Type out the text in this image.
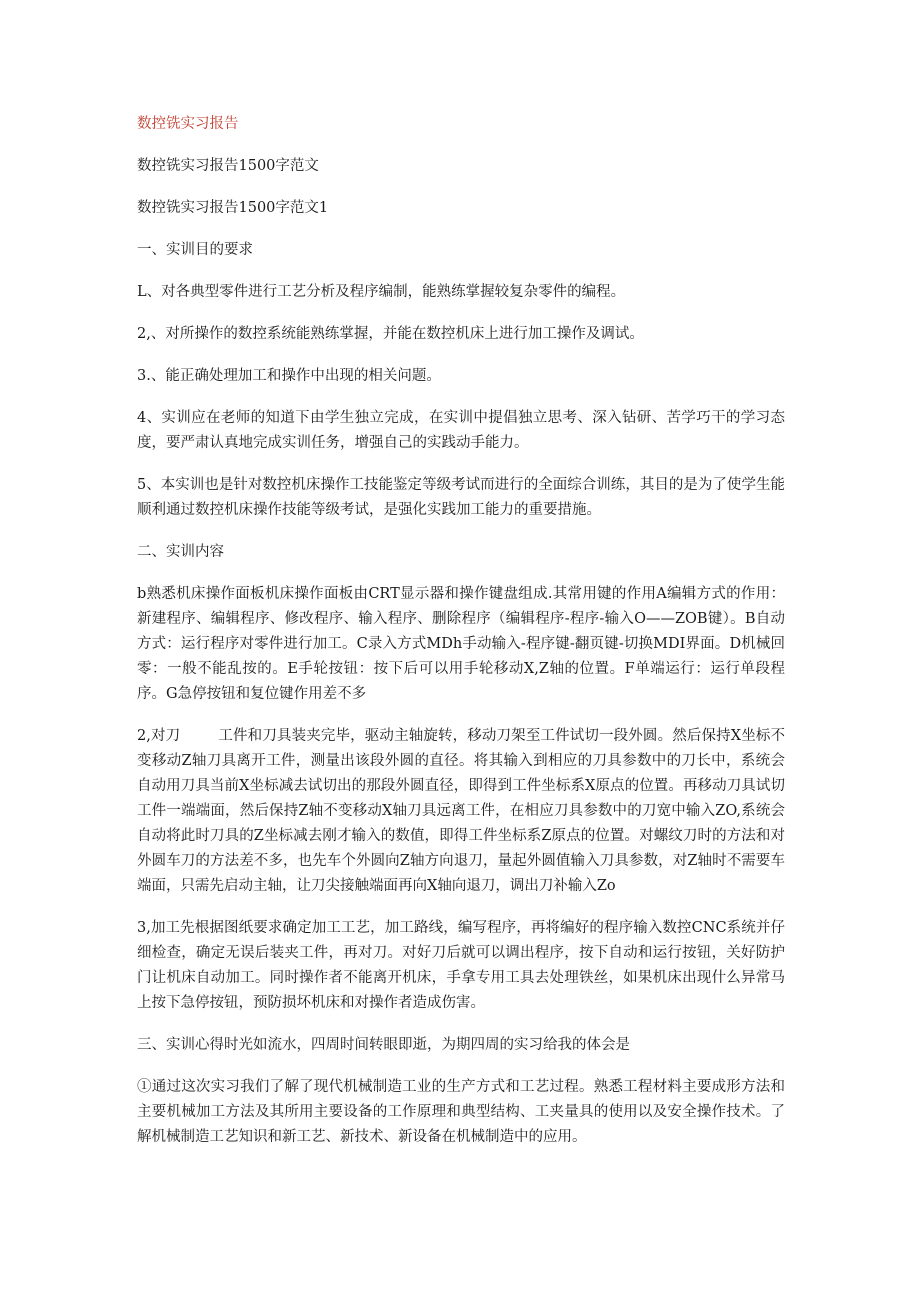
数控铣实习报告

数控铣实习报告1500字范文

数控铣实习报告1500字范文1

一、实训目的要求

L、对各典型零件进行工艺分析及程序编制，能熟练掌握较复杂零件的编程。

2,、对所操作的数控系统能熟练掌握，并能在数控机床上进行加工操作及调试。

3.、能正确处理加工和操作中出现的相关问题。

4、实训应在老师的知道下由学生独立完成，在实训中提倡独立思考、深入钻研、苦学巧干的学习态度，要严肃认真地完成实训任务，增强自己的实践动手能力。

5、本实训也是针对数控机床操作工技能鉴定等级考试而进行的全面综合训练，其目的是为了使学生能顺利通过数控机床操作技能等级考试，是强化实践加工能力的重要措施。

二、实训内容

b熟悉机床操作面板机床操作面板由CRT显示器和操作键盘组成.其常用键的作用A编辑方式的作用：新建程序、编辑程序、修改程序、输入程序、删除程序（编辑程序-程序-输入O——ZOB键）。B自动方式：运行程序对零件进行加工。C录入方式MDh手动输入-程序键-翻页键-切换MDI界面。D机械回零：一般不能乱按的。E手轮按钮：按下后可以用手轮移动X,Z轴的位置。F单端运行：运行单段程序。G急停按钮和复位键作用差不多

2,对刀	工件和刀具装夹完毕，驱动主轴旋转，移动刀架至工件试切一段外圆。然后保持X坐标不变移动Z轴刀具离开工件，测量出该段外圆的直径。将其输入到相应的刀具参数中的刀长中，系统会自动用刀具当前X坐标减去试切出的那段外圆直径，即得到工件坐标系X原点的位置。再移动刀具试切工件一端端面，然后保持Z轴不变移动X轴刀具远离工件，在相应刀具参数中的刀宽中输入ZO,系统会自动将此时刀具的Z坐标减去刚才输入的数值，即得工件坐标系Z原点的位置。对螺纹刀时的方法和对外圆车刀的方法差不多，也先车个外圆向Z轴方向退刀，量起外圆值输入刀具参数，对Z轴时不需要车端面，只需先启动主轴，让刀尖接触端面再向X轴向退刀，调出刀补输入Zo

3,加工先根据图纸要求确定加工工艺，加工路线，编写程序，再将编好的程序输入数控CNC系统并仔细检查，确定无误后装夹工件，再对刀。对好刀后就可以调出程序，按下自动和运行按钮，关好防护门让机床自动加工。同时操作者不能离开机床，手拿专用工具去处理铁丝，如果机床出现什么异常马上按下急停按钮，预防损坏机床和对操作者造成伤害。

三、实训心得时光如流水，四周时间转眼即逝，为期四周的实习给我的体会是

①通过这次实习我们了解了现代机械制造工业的生产方式和工艺过程。熟悉工程材料主要成形方法和主要机械加工方法及其所用主要设备的工作原理和典型结构、工夹量具的使用以及安全操作技术。了解机械制造工艺知识和新工艺、新技术、新设备在机械制造中的应用。
